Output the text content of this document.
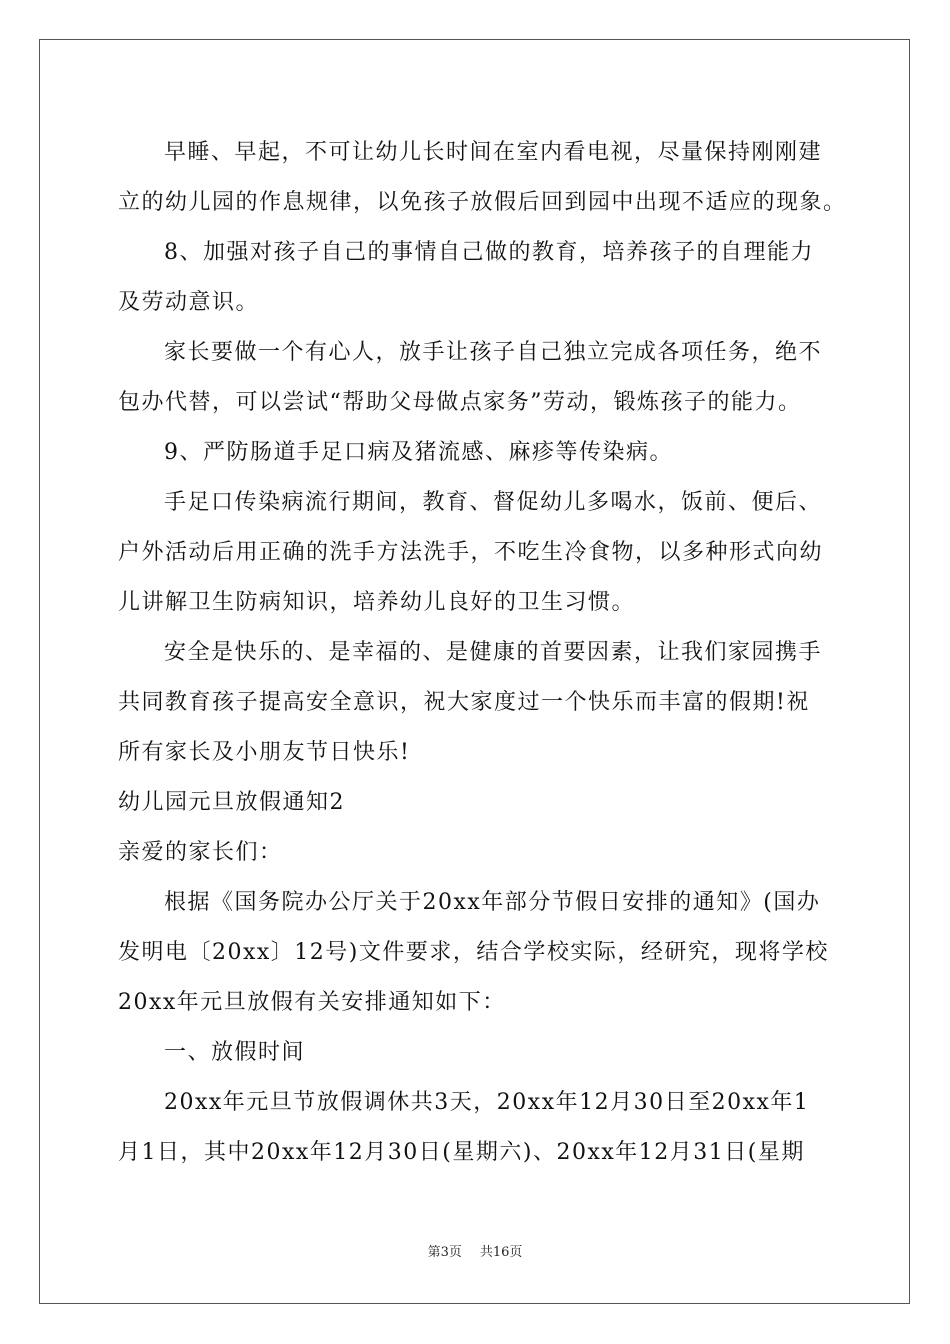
早睡、早起，不可让幼儿长时间在室内看电视，尽量保持刚刚建
立的幼儿园的作息规律，以免孩子放假后回到园中出现不适应的现象。
8、加强对孩子自己的事情自己做的教育，培养孩子的自理能力
及劳动意识。
家长要做一个有心人，放手让孩子自己独立完成各项任务，绝不
包办代替，可以尝试“帮助父母做点家务”劳动，锻炼孩子的能力。
9、严防肠道手足口病及猪流感、麻疹等传染病。
手足口传染病流行期间，教育、督促幼儿多喝水，饭前、便后、
户外活动后用正确的洗手方法洗手，不吃生冷食物，以多种形式向幼
儿讲解卫生防病知识，培养幼儿良好的卫生习惯。
安全是快乐的、是幸福的、是健康的首要因素，让我们家园携手
共同教育孩子提高安全意识，祝大家度过一个快乐而丰富的假期!祝
所有家长及小朋友节日快乐!
幼儿园元旦放假通知2
亲爱的家长们：
根据《国务院办公厅关于20xx年部分节假日安排的通知》(国办
发明电〔20xx〕12号)文件要求，结合学校实际，经研究，现将学校
20xx年元旦放假有关安排通知如下：
一、放假时间
20xx年元旦节放假调休共3天，20xx年12月30日至20xx年1
月1日，其中20xx年12月30日(星期六)、20xx年12月31日(星期
第3页 共16页
